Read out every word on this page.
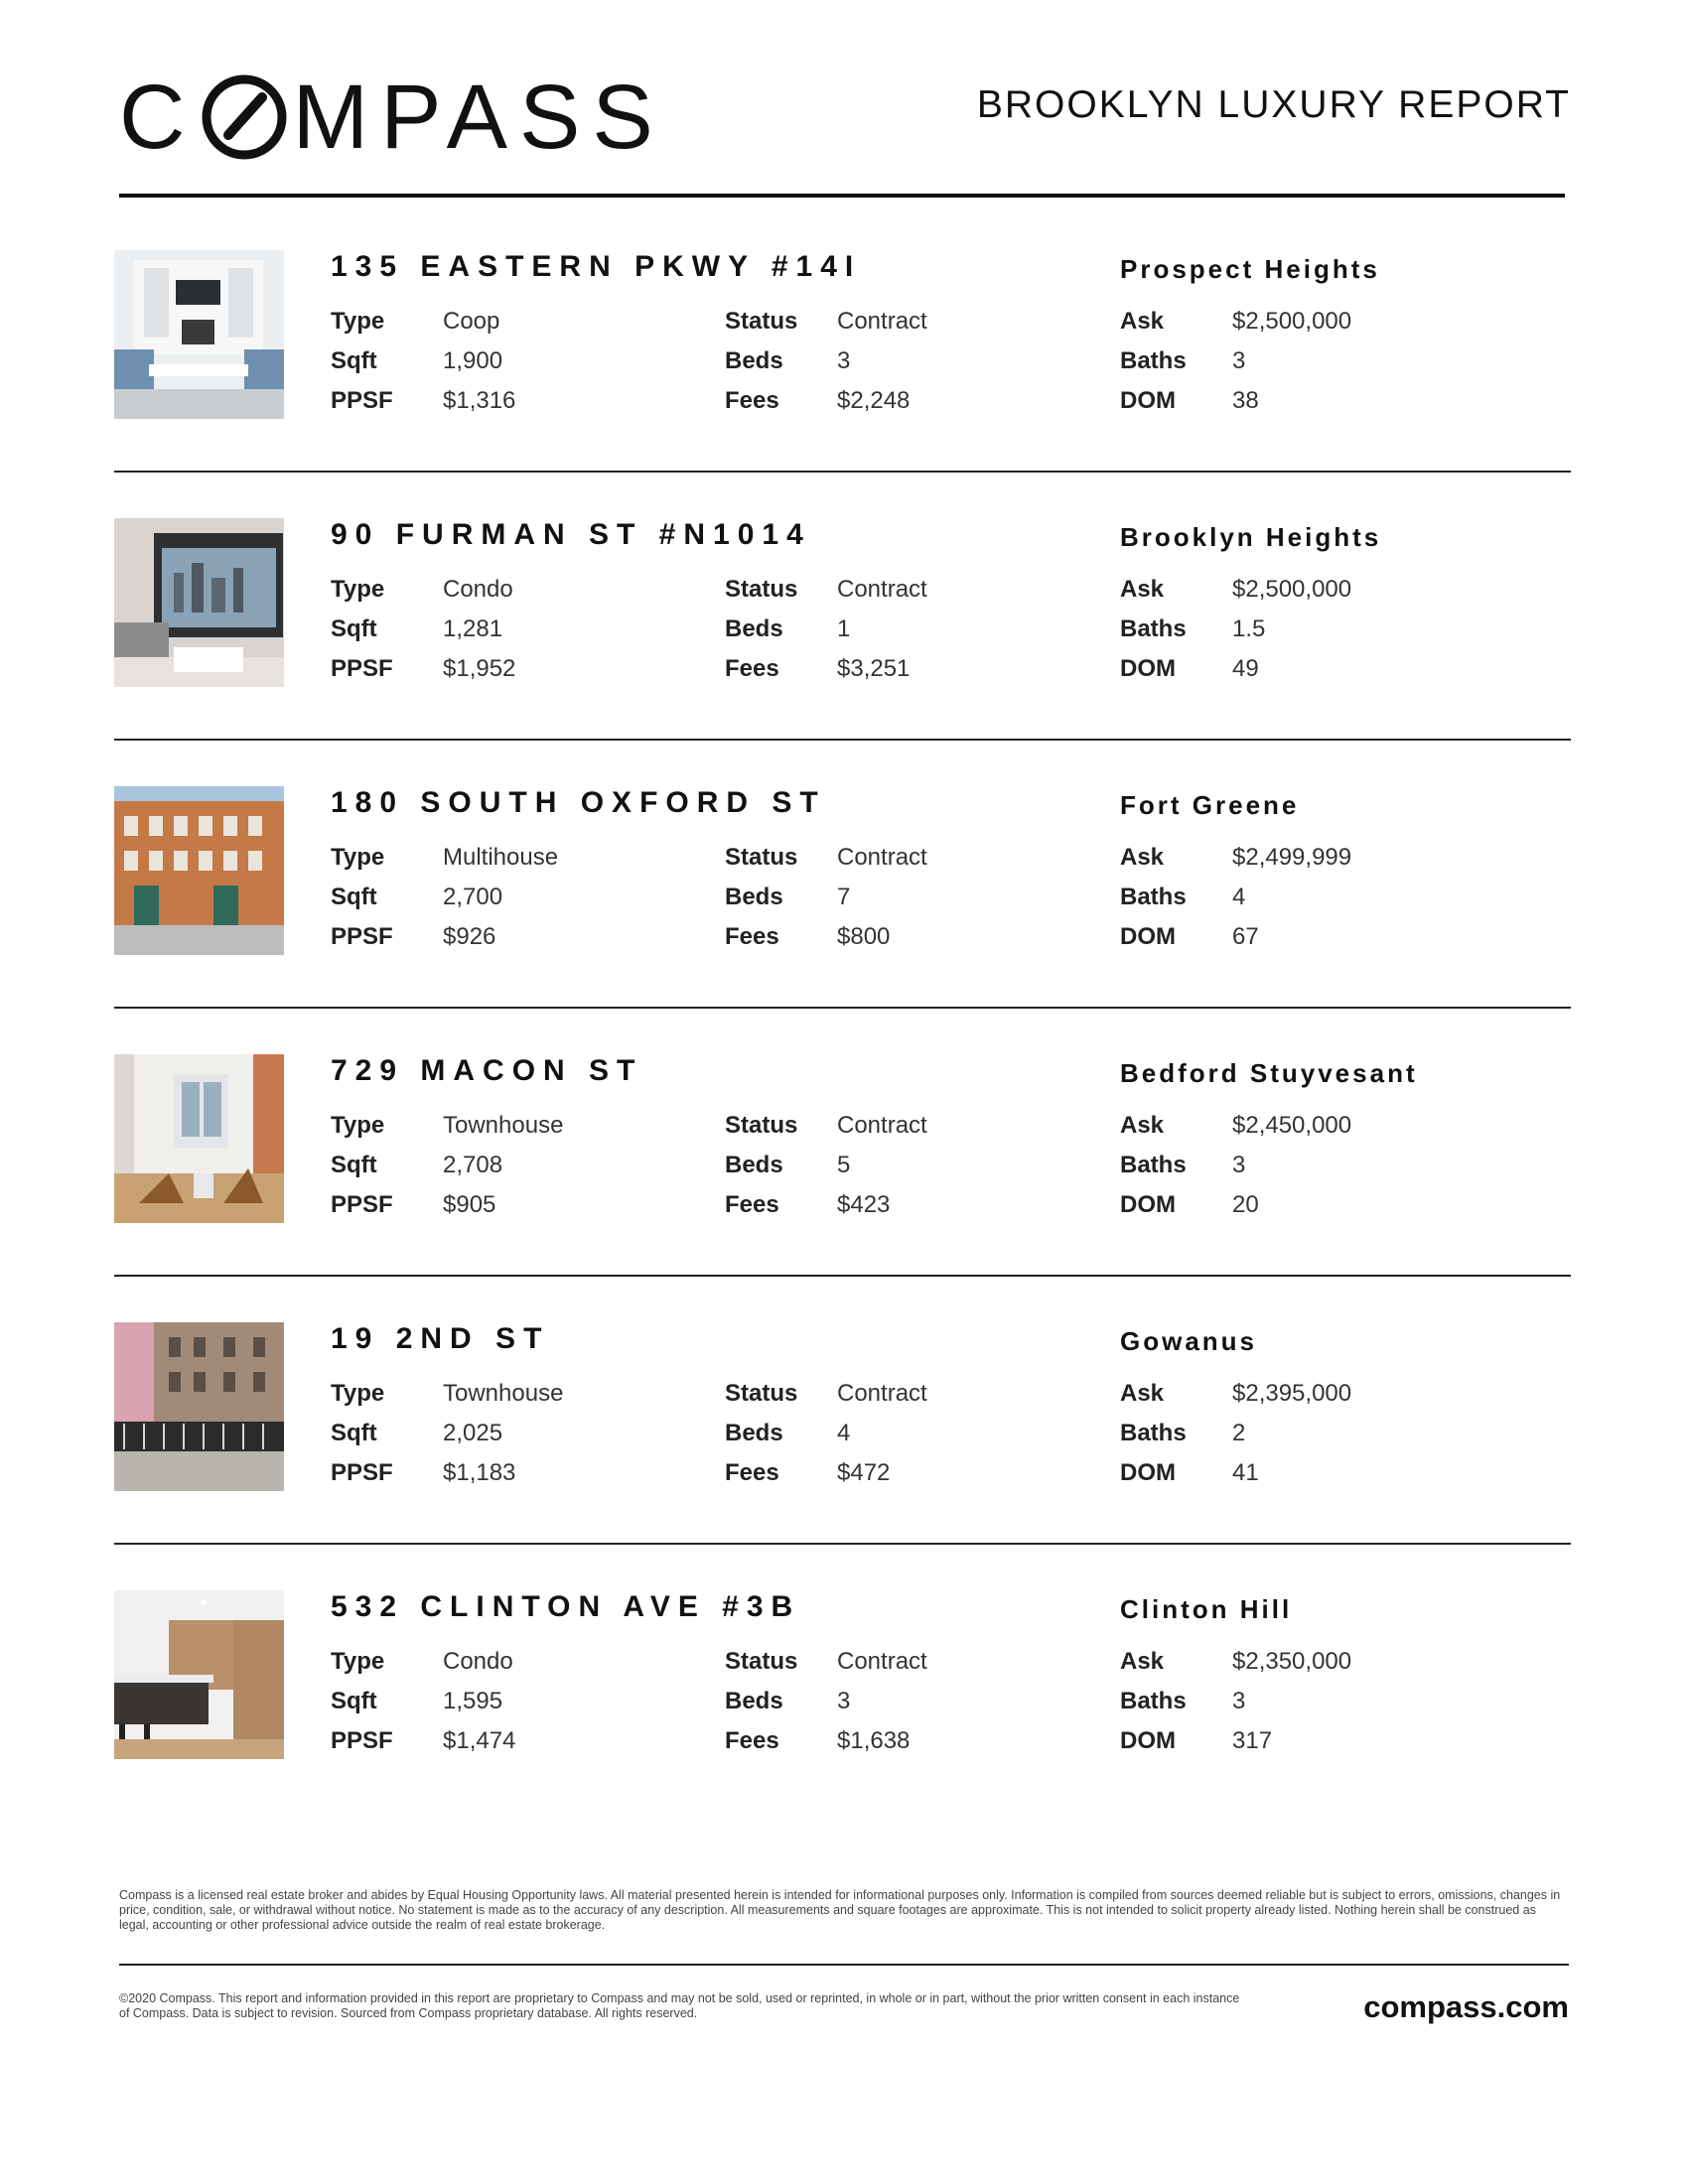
C MPASS	BROOKLYN LUXURY REPORT
135 EASTERN PKWY #14I	Prospect Heights
Type	Coop
Sqft	1,900
PPSF	$1,316
Status	Contract
Beds	3
Fees	$2,248
Ask	$2,500,000
Baths	3
DOM	38
90 FURMAN ST #N1014	Brooklyn Heights
Type	Condo
Sqft	1,281
PPSF	$1,952
Status	Contract
Beds	1
Fees	$3,251
Ask	$2,500,000
Baths	1.5
DOM	49
180 SOUTH OXFORD ST	Fort Greene
Type	Multihouse
Sqft	2,700
PPSF	$926
Status	Contract
Beds	7
Fees	$800
Ask	$2,499,999
Baths	4
DOM	67
729 MACON ST	Bedford Stuyvesant
Type	Townhouse
Sqft	2,708
PPSF	$905
Status	Contract
Beds	5
Fees	$423
Ask	$2,450,000
Baths	3
DOM	20
19 2ND ST	Gowanus
Type	Townhouse
Sqft	2,025
PPSF	$1,183
Status	Contract
Beds	4
Fees	$472
Ask	$2,395,000
Baths	2
DOM	41
532 CLINTON AVE #3B	Clinton Hill
Type	Condo
Sqft	1,595
PPSF	$1,474
Status	Contract
Beds	3
Fees	$1,638
Ask	$2,350,000
Baths	3
DOM	317
Compass is a licensed real estate broker and abides by Equal Housing Opportunity laws. All material presented herein is intended for informational purposes only. Information is compiled from sources deemed reliable but is subject to errors, omissions, changes in price, condition, sale, or withdrawal without notice. No statement is made as to the accuracy of any description. All measurements and square footages are approximate. This is not intended to solicit property already listed. Nothing herein shall be construed as legal, accounting or other professional advice outside the realm of real estate brokerage.
©2020 Compass. This report and information provided in this report are proprietary to Compass and may not be sold, used or reprinted, in whole or in part, without the prior written consent in each instance of Compass. Data is subject to revision. Sourced from Compass proprietary database. All rights reserved.	compass.com
